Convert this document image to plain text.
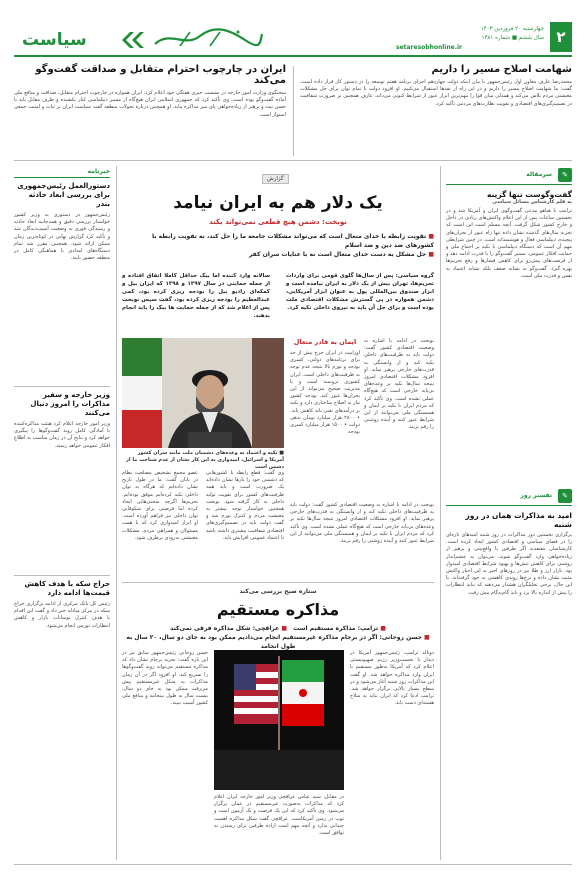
۲
چهارشنبه ۲۰ فروردین ۱۴۰۳
سال ششم ■ شماره ۱۳۸۱
setaresobhonline.ir
سیاست
شهامت اصلاح مسیر را داریم
محمدرضا عارف معاون اول رئیس‌جمهور با بیان اینکه دولت چهاردهم اجرای برنامه هفتم توسعه را در دستور کار قرار داده است، گفت: ما شهامت اصلاح مسیر را داریم و در این راه از نقدها استقبال می‌کنیم. او افزود دولت با تمام توان برای حل مشکلات معیشتی مردم تلاش می‌کند و همدلی میان قوا را مهم‌ترین ابزار عبور از شرایط کنونی می‌داند. عارف همچنین بر ضرورت شفافیت در تصمیم‌گیری‌های اقتصادی و تقویت نظارت‌های مردمی تأکید کرد.
ایران در چارچوب احترام متقابل و صداقت گفت‌وگو می‌کند
سخنگوی وزارت امور خارجه در نشست خبری هفتگی خود اعلام کرد: ایران همواره در چارچوب احترام متقابل، صداقت و منافع ملی آماده گفت‌وگو بوده است. وی تأکید کرد که جمهوری اسلامی ایران هیچ‌گاه از مسیر دیپلماسی کنار نکشیده و طرف مقابل باید با حسن نیت و پرهیز از زیاده‌خواهی پای میز مذاکره بیاید. او همچنین درباره تحولات منطقه گفت سیاست ایران بر ثبات و امنیت جمعی استوار است.
خبرنامه
دستورالعمل رئیس‌جمهوری برای بررسی ابعاد حادثه بندر
رئیس‌جمهور در دستوری به وزیر کشور خواستار بررسی دقیق و همه‌جانبه ابعاد حادثه و رسیدگی فوری به وضعیت آسیب‌دیدگان شد و تأکید کرد گزارش نهایی در کوتاه‌ترین زمان ممکن ارائه شود. همچنین مقرر شد تمام دستگاه‌های امدادی با هماهنگی کامل در منطقه حضور یابند.
وزیر خارجه و سفیر مذاکرات را امروز دنبال می‌کنند
وزیر امور خارجه اعلام کرد هیئت مذاکره‌کننده با آمادگی کامل روند گفت‌وگوها را پیگیری خواهد کرد و نتایج آن در زمان مناسب به اطلاع افکار عمومی خواهد رسید.
حراج سکه با هدف کاهش قیمت‌ها ادامه دارد
رئیس کل بانک مرکزی از ادامه برگزاری حراج سکه در مرکز مبادله خبر داد و گفت این اقدام با هدف کنترل نوسانات بازار و کاهش انتظارات تورمی انجام می‌شود.
✎
سرمقاله
گفت‌وگوست تنها گزینه
به قلم کارشناس مسائل سیاسی
ترامپ با هیاهو مدعی گفت‌وگوی ایران و آمریکا شد و در نخستین ساعات پس از این اعلام واکنش‌های زیادی در داخل و خارج کشور شکل گرفت. آنچه مسلم است این است که تجربه سال‌های گذشته نشان داده تنها راه عبور از بحران‌های پیچیده، دیپلماسی فعال و هوشمندانه است. در چنین شرایطی مهم آن است که دستگاه دیپلماسی با تکیه بر اجماع ملی و حمایت افکار عمومی، مسیر گفت‌وگو را با قدرت ادامه دهد و از فرصت‌های پیش‌رو برای کاهش فشارها و رفع تحریم‌ها بهره گیرد. گفت‌وگو نه نشانه ضعف بلکه نشانه اعتماد به نفس و قدرت ملی است.
✎
تفسیر روز
امید به مذاکرات همان در روز شنبه
برگزاری نخستین دور مذاکرات در روز شنبه امیدهای تازه‌ای را در فضای سیاسی و اقتصادی کشور ایجاد کرده است. کارشناسان معتقدند اگر طرفین با واقع‌بینی و پرهیز از زیاده‌خواهی وارد گفت‌وگو شوند، می‌توان به چشم‌انداز روشنی برای کاهش تنش‌ها و بهبود شرایط اقتصادی امیدوار بود. بازار ارز و طلا نیز در روزهای اخیر به این اخبار واکنش مثبت نشان داده و نرخ‌ها روندی کاهشی به خود گرفته‌اند. با این حال، برخی تحلیلگران هشدار می‌دهند که نباید انتظارات را بیش از اندازه بالا برد و باید گام‌به‌گام پیش رفت.
گزارش
یک دلار هم به ایران نیامد
نوبخت: دشمن هیچ قطعی نمی‌تواند بکند
■ تقویت رابطه با خدای متعال است که می‌تواند مشکلات جامعه ما را حل کند، نه تقویت رابطه با کشورهای ضد دین و ضد اسلام
■ حل مشکل به دست خدای متعال است نه با عنایات سران کفر
سالانه وارد کننده اما بیک حداقل کاملا اتفاق افتاده و از جمله حمایتی در سال ۱۳۹۷ و ۱۳۹۸ که ایران بیل و کمکه‌ای رادیو بیل را بودجه ریزی کرده بود، کمی عبدالعظیم را بودجه ریزی کرده بود، گفت سپس نوبخت پس از اعلام شد که از جمله حمایت ها بیک را باید انجام بدهند.
گروه سیاسی: پس از سال‌ها گلوی قومی برای واردات تحریم‌ها، تهران بیش از یک دلار به ایران نیامده است و ابزار صندوق بین‌المللی پول به عنوان ابزار آمریکایی، دشمن همواره در پی گسترش مشکلات اقتصادی ملت بوده است و برای حل آن باید به نیروی داخلی تکیه کرد.
■ تکیه و اعتماد به وعده‌های دشمنان ملت مانند سران کشور آمریکا و اسرائیل، امیدواری به این کار نشان از عدم شناخت ما از دشمن است
ایمان به قادر متعال
اوزابیت در ایران خرج بیش از حد برای برنامه‌های دولتی، کسری بودجه و تورم بالا نتیجه عدم توجه به ظرفیت‌های داخلی است. ایران کشوری ثروتمند است و با مدیریت صحیح می‌تواند از این بحران‌ها عبور کند. بودجه کشور نیاز به اصلاح ساختاری دارد و تکیه بر درآمدهای نفتی باید کاهش یابد. • ۲۸۰۰ هزار میلیارد تومان بدهی دولت • ۱۵۰۰ هزار میلیارد کسری بودجه
نوبخت در ادامه با اشاره به وضعیت اقتصادی کشور گفت: دولت باید به ظرفیت‌های داخلی تکیه کند و از وابستگی به قدرت‌های خارجی پرهیز نماید. او افزود مشکلات اقتصادی امروز نتیجه سال‌ها تکیه بر وعده‌های بی‌پایه خارجی است که هیچ‌گاه عملی نشده است. وی تأکید کرد که مردم ایران با تکیه بر ایمان و همبستگی ملی می‌توانند از این شرایط عبور کنند و آینده روشنی را رقم بزنند.
عضو مجمع تشخیص مصلحت نظام در پایان گفت: ما در طول تاریخ نشان داده‌ایم که هرگاه به توان داخلی تکیه کرده‌ایم موفق بوده‌ایم. تحریم‌ها اگرچه سختی‌هایی ایجاد کرده اما فرصتی برای شکوفایی توان داخلی نیز فراهم آورده است. او ابراز امیدواری کرد که با همت مسئولان و همراهی مردم، مشکلات معیشتی به‌زودی برطرف شود.
وی گفت: قطع رابطه با کشورهایی که دشمنی خود را بارها نشان داده‌اند یک ضرورت است و باید همه ظرفیت‌های کشور برای تقویت تولید داخلی به کار گرفته شود. نوبخت همچنین خواستار توجه بیشتر به معیشت مردم و کنترل تورم شد و گفت دولت باید در تصمیم‌گیری‌های اقتصادی شفافیت بیشتری داشته باشد تا اعتماد عمومی افزایش یابد.
نوبخت در ادامه با اشاره به وضعیت اقتصادی کشور گفت: دولت باید به ظرفیت‌های داخلی تکیه کند و از وابستگی به قدرت‌های خارجی پرهیز نماید. او افزود مشکلات اقتصادی امروز نتیجه سال‌ها تکیه بر وعده‌های بی‌پایه خارجی است که هیچ‌گاه عملی نشده است. وی تأکید کرد که مردم ایران با تکیه بر ایمان و همبستگی ملی می‌توانند از این شرایط عبور کنند و آینده روشنی را رقم بزنند.
ستاره صبح بررسی می‌کند
مذاکره مستقیم
■ ترامپ: مذاکره مستقیم است   ■ عراقچی: شکل مذاکره فرقی نمی‌کند
■ حسن روحانی: اگر در برجام مذاکره غیرمستقیم انجام می‌دادیم ممکن بود به جای دو سال، ۲۰ سال به طول انجامد
حسن روحانی رئیس‌جمهور سابق نیز در این باره گفت: تجربه برجام نشان داد که مذاکره مستقیم می‌تواند روند گفت‌وگوها را تسریع کند. او افزود اگر در آن زمان مذاکرات به شکل غیرمستقیم پیش می‌رفت ممکن بود به جای دو سال، بیست سال به طول بینجامد و منافع ملی کشور آسیب ببیند.
در مقابل، سید عباس عراقچی وزیر امور خارجه ایران اعلام کرد که مذاکرات به‌صورت غیرمستقیم در عمان برگزار می‌شود. وی تأکید کرد که این یک فرصت و یک آزمون است و توپ در زمین آمریکاست. عراقچی گفت شکل مذاکره اهمیت چندانی ندارد و آنچه مهم است اراده طرفین برای رسیدن به توافق است.
دونالد ترامپ، رئیس‌جمهور آمریکا در دیدار با نخست‌وزیر رژیم صهیونیستی اعلام کرد که آمریکا به‌طور مستقیم با ایران وارد مذاکره خواهد شد. او گفت این مذاکرات روز شنبه آغاز می‌شود و در سطح بسیار بالایی برگزار خواهد شد. ترامپ ادعا کرد که ایران نباید به سلاح هسته‌ای دست یابد.
